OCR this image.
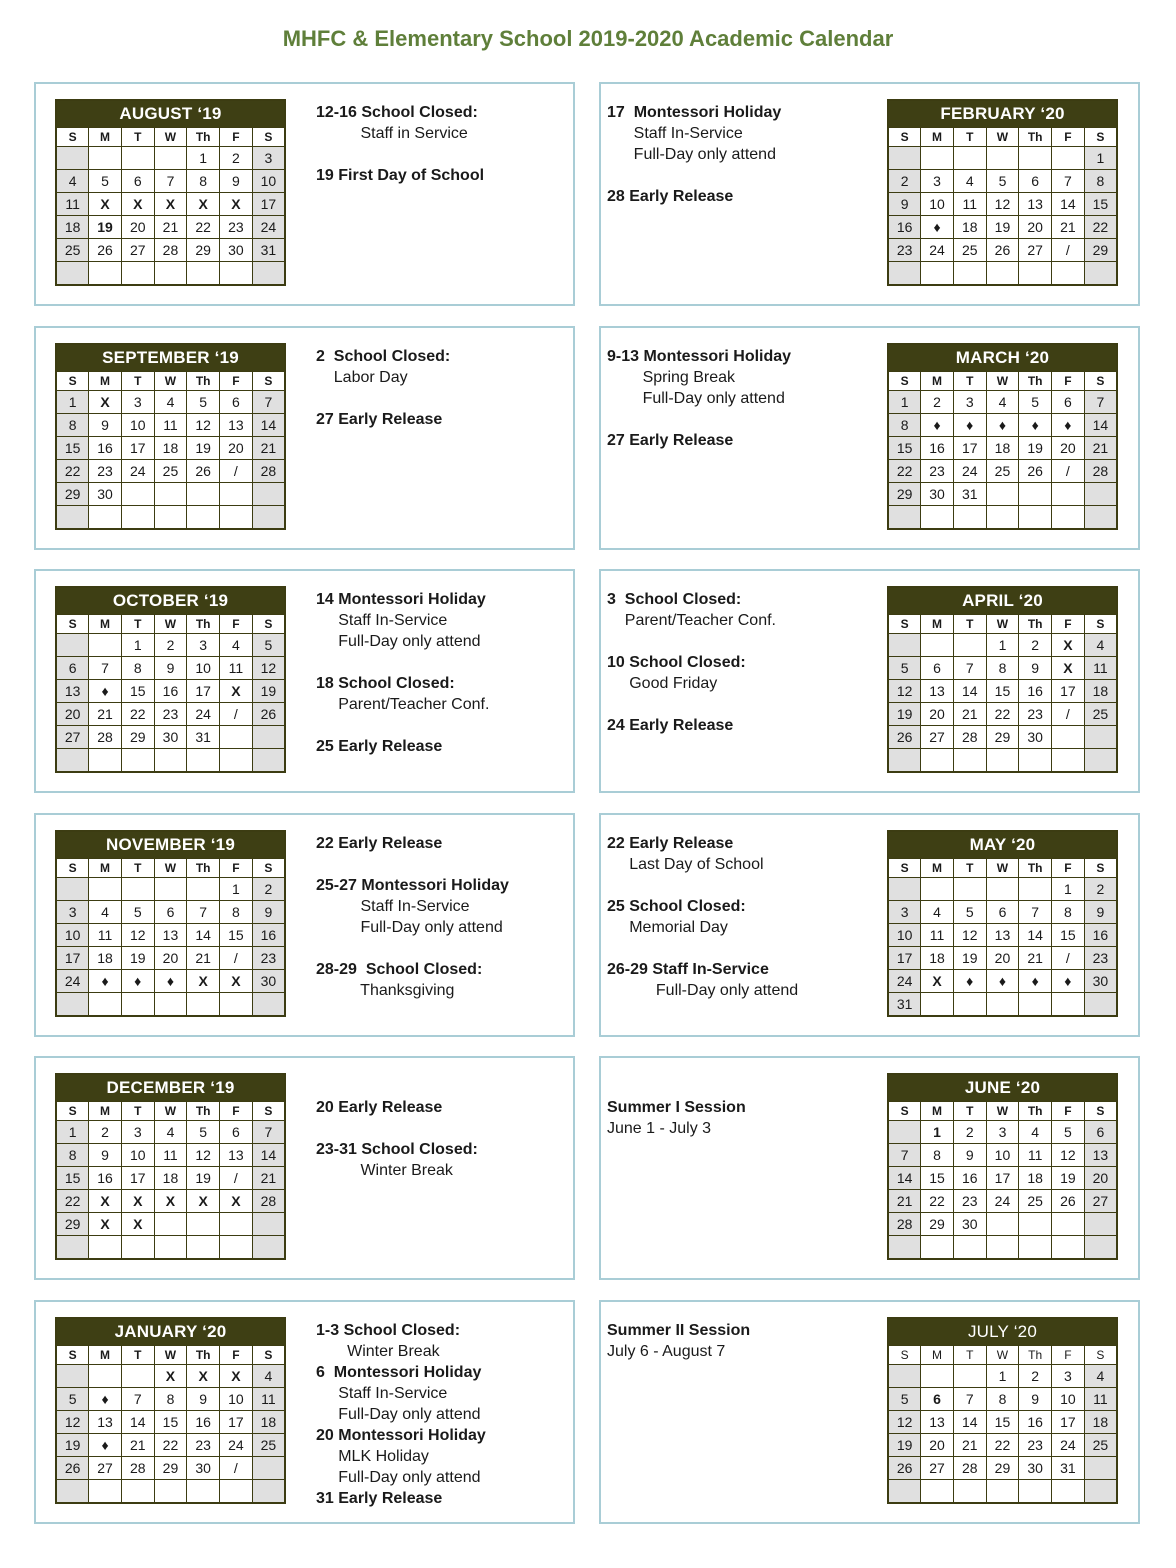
MHFC & Elementary School 2019-2020 Academic Calendar
AUGUST ‘19						
S	M	T	W	Th	F	S
				1	2	3
4	5	6	7	8	9	10
11	X	X	X	X	X	17
18	19	20	21	22	23	24
25	26	27	28	29	30	31

12-16 School Closed:
Staff in Service
19 First Day of School
FEBRUARY ‘20						
S	M	T	W	Th	F	S
						1
2	3	4	5	6	7	8
9	10	11	12	13	14	15
16	♦	18	19	20	21	22
23	24	25	26	27	/	29

17  Montessori Holiday
Staff In-Service
Full-Day only attend
28 Early Release
SEPTEMBER ‘19						
S	M	T	W	Th	F	S
1	X	3	4	5	6	7
8	9	10	11	12	13	14
15	16	17	18	19	20	21
22	23	24	25	26	/	28
29	30					

2  School Closed:
Labor Day
27 Early Release
MARCH ‘20						
S	M	T	W	Th	F	S
1	2	3	4	5	6	7
8	♦	♦	♦	♦	♦	14
15	16	17	18	19	20	21
22	23	24	25	26	/	28
29	30	31				

9-13 Montessori Holiday
Spring Break
Full-Day only attend
27 Early Release
OCTOBER ‘19						
S	M	T	W	Th	F	S
		1	2	3	4	5
6	7	8	9	10	11	12
13	♦	15	16	17	X	19
20	21	22	23	24	/	26
27	28	29	30	31		

14 Montessori Holiday
Staff In-Service
Full-Day only attend
18 School Closed:
Parent/Teacher Conf.
25 Early Release
APRIL ‘20						
S	M	T	W	Th	F	S
			1	2	X	4
5	6	7	8	9	X	11
12	13	14	15	16	17	18
19	20	21	22	23	/	25
26	27	28	29	30		

3  School Closed:
Parent/Teacher Conf.
10 School Closed:
Good Friday
24 Early Release
NOVEMBER ‘19						
S	M	T	W	Th	F	S
					1	2
3	4	5	6	7	8	9
10	11	12	13	14	15	16
17	18	19	20	21	/	23
24	♦	♦	♦	X	X	30

22 Early Release
25-27 Montessori Holiday
Staff In-Service
Full-Day only attend
28-29  School Closed:
Thanksgiving
MAY ‘20						
S	M	T	W	Th	F	S
					1	2
3	4	5	6	7	8	9
10	11	12	13	14	15	16
17	18	19	20	21	/	23
24	X	♦	♦	♦	♦	30
31						
22 Early Release
Last Day of School
25 School Closed:
Memorial Day
26-29 Staff In-Service
Full-Day only attend
DECEMBER ‘19						
S	M	T	W	Th	F	S
1	2	3	4	5	6	7
8	9	10	11	12	13	14
15	16	17	18	19	/	21
22	X	X	X	X	X	28
29	X	X				

20 Early Release
23-31 School Closed:
Winter Break
JUNE ‘20						
S	M	T	W	Th	F	S
	1	2	3	4	5	6
7	8	9	10	11	12	13
14	15	16	17	18	19	20
21	22	23	24	25	26	27
28	29	30				

Summer I Session
June 1 - July 3
JANUARY ‘20						
S	M	T	W	Th	F	S
			X	X	X	4
5	♦	7	8	9	10	11
12	13	14	15	16	17	18
19	♦	21	22	23	24	25
26	27	28	29	30	/	

1-3 School Closed:
Winter Break
6  Montessori Holiday
Staff In-Service
Full-Day only attend
20 Montessori Holiday
MLK Holiday
Full-Day only attend
31 Early Release
JULY ‘20						
S	M	T	W	Th	F	S
			1	2	3	4
5	6	7	8	9	10	11
12	13	14	15	16	17	18
19	20	21	22	23	24	25
26	27	28	29	30	31	

Summer II Session
July 6 - August 7
